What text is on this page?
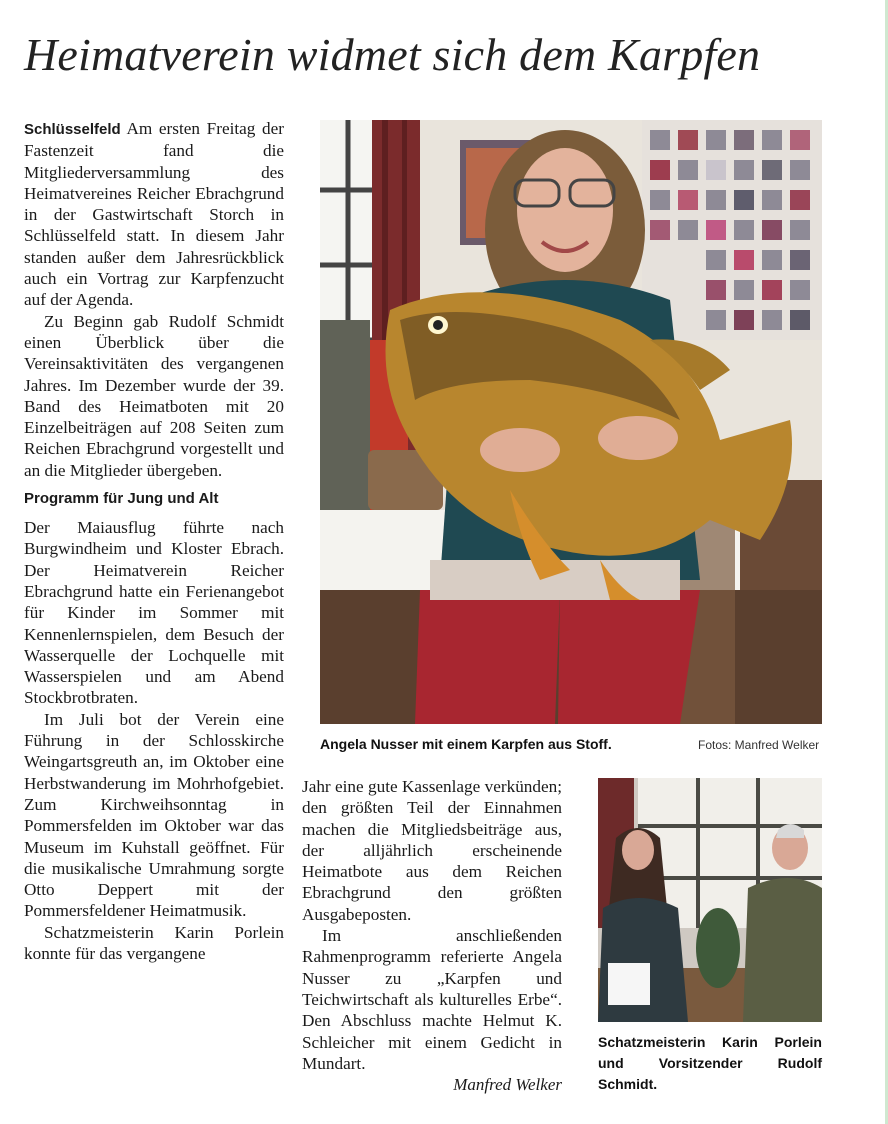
Heimatverein widmet sich dem Karpfen

Schlüsselfeld Am ersten Freitag der Fastenzeit fand die Mitgliederversammlung des Heimatvereines Reicher Ebrachgrund in der Gastwirtschaft Storch in Schlüsselfeld statt. In diesem Jahr standen außer dem Jahresrückblick auch ein Vortrag zur Karpfenzucht auf der Agenda.

Zu Beginn gab Rudolf Schmidt einen Überblick über die Vereinsaktivitäten des vergangenen Jahres. Im Dezember wurde der 39. Band des Heimatboten mit 20 Einzelbeiträgen auf 208 Seiten zum Reichen Ebrachgrund vorgestellt und an die Mitglieder übergeben.

Programm für Jung und Alt

Der Maiausflug führte nach Burgwindheim und Kloster Ebrach. Der Heimatverein Reicher Ebrachgrund hatte ein Ferienangebot für Kinder im Sommer mit Kennenlernspielen, dem Besuch der Wasserquelle der Lochquelle mit Wasserspielen und am Abend Stockbrotbraten.

Im Juli bot der Verein eine Führung in der Schlosskirche Weingartsgreuth an, im Oktober eine Herbstwanderung im Mohrhofgebiet. Zum Kirchweihsonntag in Pommersfelden im Oktober war das Museum im Kuhstall geöffnet. Für die musikalische Umrahmung sorgte Otto Deppert mit der Pommersfeldener Heimatmusik.

Schatzmeisterin Karin Porlein konnte für das vergangene

Jahr eine gute Kassenlage verkünden; den größten Teil der Einnahmen machen die Mitgliedsbeiträge aus, der alljährlich erscheinende Heimatbote aus dem Reichen Ebrachgrund den größten Ausgabeposten.

Im anschließenden Rahmenprogramm referierte Angela Nusser zu „Karpfen und Teichwirtschaft als kulturelles Erbe“. Den Abschluss machte Helmut K. Schleicher mit einem Gedicht in Mundart.

Manfred Welker

Angela Nusser mit einem Karpfen aus Stoff.	Fotos: Manfred Welker
Schatzmeisterin Karin Porlein und Vorsitzender Rudolf Schmidt.
